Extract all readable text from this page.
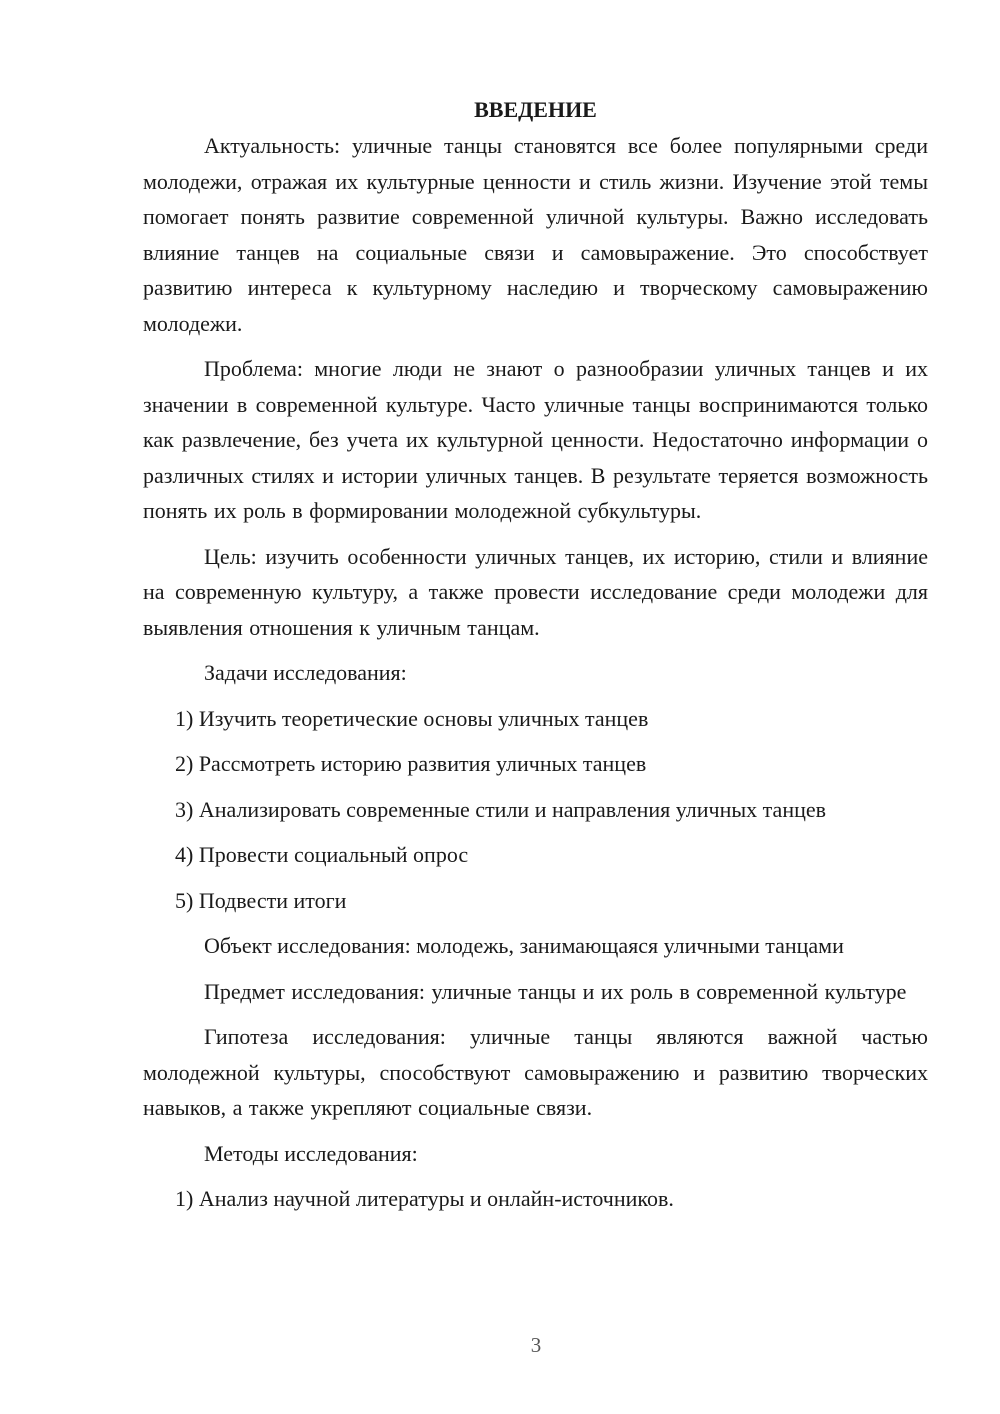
ВВЕДЕНИЕ

Актуальность: уличные танцы становятся все более популярными среди молодежи, отражая их культурные ценности и стиль жизни. Изучение этой темы помогает понять развитие современной уличной культуры. Важно исследовать влияние танцев на социальные связи и самовыражение. Это способствует развитию интереса к культурному наследию и творческому самовыражению молодежи.

Проблема: многие люди не знают о разнообразии уличных танцев и их значении в современной культуре. Часто уличные танцы воспринимаются только как развлечение, без учета их культурной ценности. Недостаточно информации о различных стилях и истории уличных танцев. В результате теряется возможность понять их роль в формировании молодежной субкультуры.

Цель: изучить особенности уличных танцев, их историю, стили и влияние на современную культуру, а также провести исследование среди молодежи для выявления отношения к уличным танцам.

Задачи исследования:
1) Изучить теоретические основы уличных танцев
2) Рассмотреть историю развития уличных танцев
3) Анализировать современные стили и направления уличных танцев
4) Провести социальный опрос
5) Подвести итоги
Объект исследования: молодежь, занимающаяся уличными танцами

Предмет исследования: уличные танцы и их роль в современной культуре

Гипотеза исследования: уличные танцы являются важной частью молодежной культуры, способствуют самовыражению и развитию творческих навыков, а также укрепляют социальные связи.

Методы исследования:
1) Анализ научной литературы и онлайн-источников.
3
